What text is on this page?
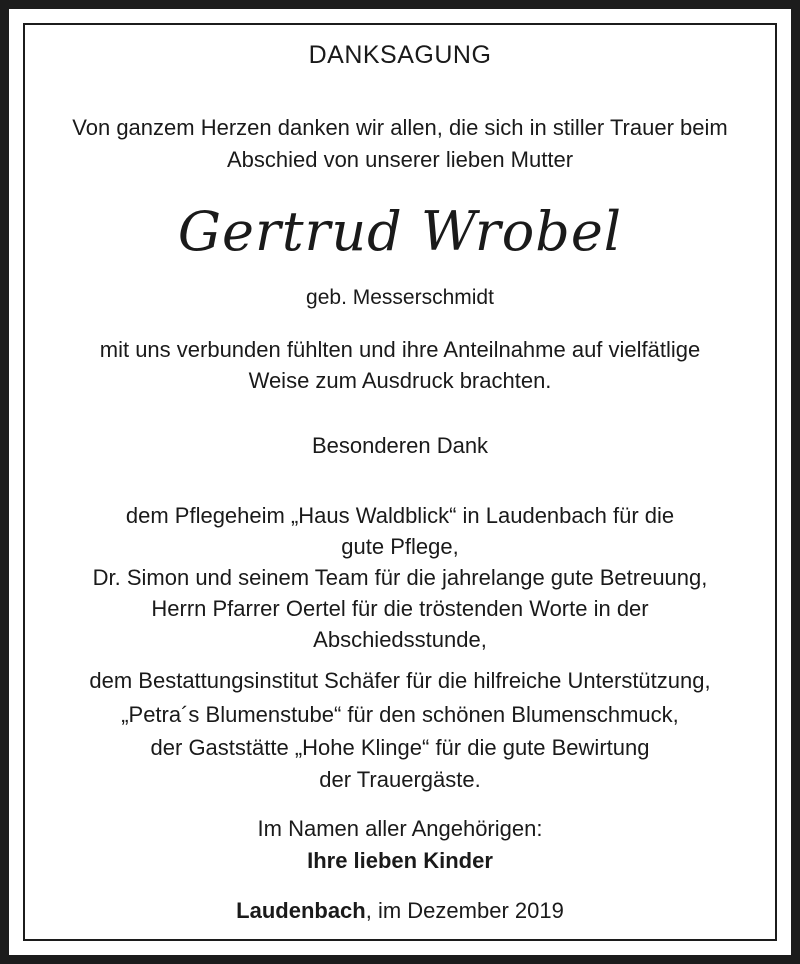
DANKSAGUNG
Von ganzem Herzen danken wir allen, die sich in stiller Trauer beim
Abschied von unserer lieben Mutter
Gertrud Wrobel
geb. Messerschmidt
mit uns verbunden fühlten und ihre Anteilnahme auf vielfätlige
Weise zum Ausdruck brachten.
Besonderen Dank
dem Pflegeheim „Haus Waldblick“ in Laudenbach für die
gute Pflege,
Dr. Simon und seinem Team für die jahrelange gute Betreuung,
Herrn Pfarrer Oertel für die tröstenden Worte in der
Abschiedsstunde,
dem Bestattungsinstitut Schäfer für die hilfreiche Unterstützung,
„Petra´s Blumenstube“ für den schönen Blumenschmuck,
der Gaststätte „Hohe Klinge“ für die gute Bewirtung
der Trauergäste.
Im Namen aller Angehörigen:
Ihre lieben Kinder
Laudenbach, im Dezember 2019
